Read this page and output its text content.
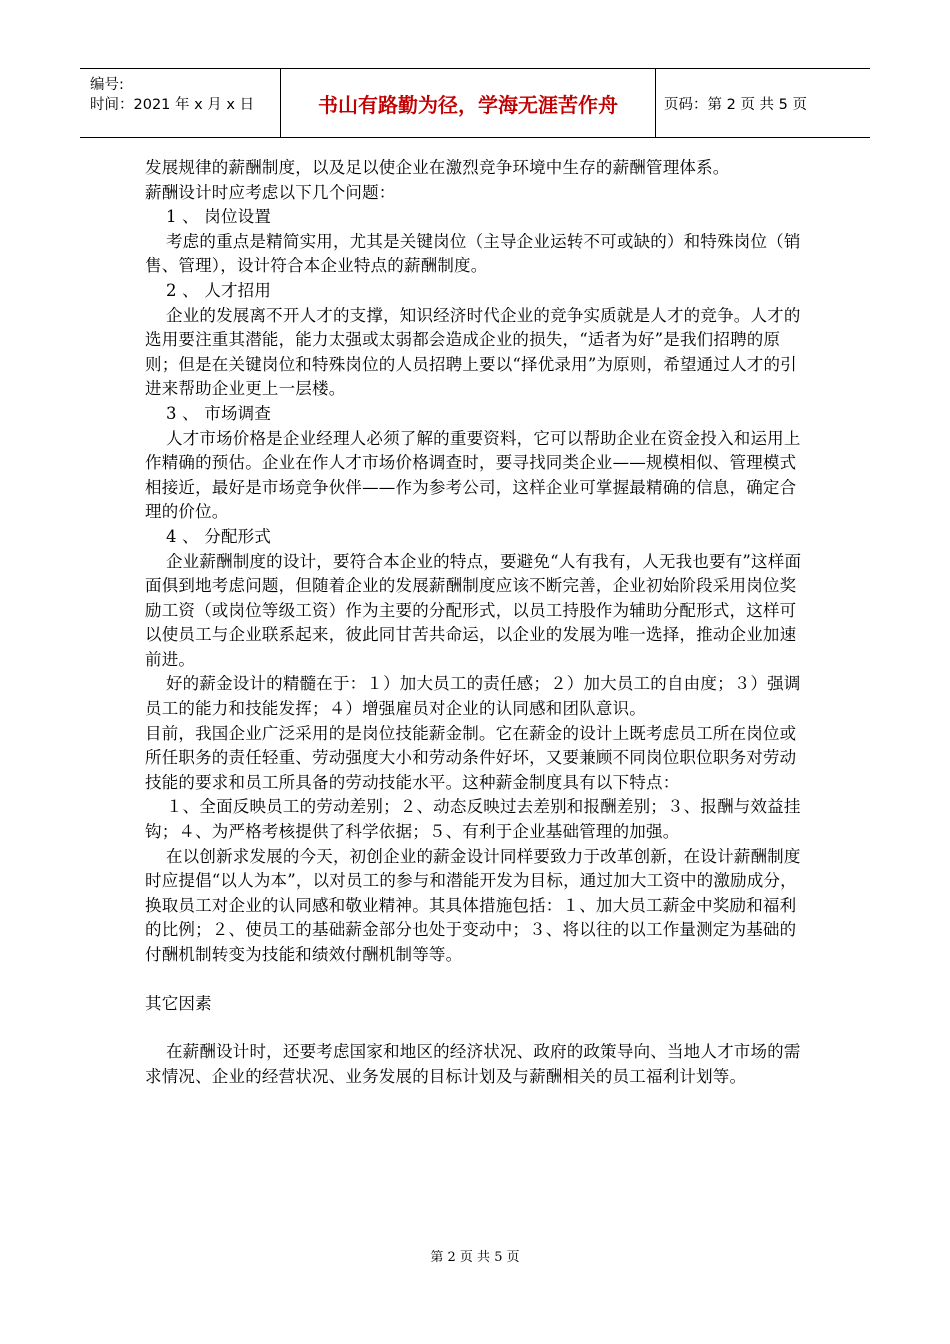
编号:
时间：2021 年 x 月 x 日	书山有路勤为径，学海无涯苦作舟	页码：第 2 页 共 5 页

发展规律的薪酬制度，以及足以使企业在激烈竞争环境中生存的薪酬管理体系。

薪酬设计时应考虑以下几个问题：

1 、 岗位设置

考虑的重点是精简实用，尤其是关键岗位（主导企业运转不可或缺的）和特殊岗位（销售、管理），设计符合本企业特点的薪酬制度。

2 、 人才招用

企业的发展离不开人才的支撑，知识经济时代企业的竞争实质就是人才的竞争。人才的选用要注重其潜能，能力太强或太弱都会造成企业的损失，“适者为好”是我们招聘的原则；但是在关键岗位和特殊岗位的人员招聘上要以“择优录用”为原则，希望通过人才的引进来帮助企业更上一层楼。

3 、 市场调查

人才市场价格是企业经理人必须了解的重要资料，它可以帮助企业在资金投入和运用上作精确的预估。企业在作人才市场价格调查时，要寻找同类企业——规模相似、管理模式相接近，最好是市场竞争伙伴——作为参考公司，这样企业可掌握最精确的信息，确定合理的价位。

4 、 分配形式

企业薪酬制度的设计，要符合本企业的特点，要避免“人有我有，人无我也要有”这样面面俱到地考虑问题，但随着企业的发展薪酬制度应该不断完善，企业初始阶段采用岗位奖励工资（或岗位等级工资）作为主要的分配形式，以员工持股作为辅助分配形式，这样可以使员工与企业联系起来，彼此同甘苦共命运，以企业的发展为唯一选择，推动企业加速前进。

好的薪金设计的精髓在于：１）加大员工的责任感；２）加大员工的自由度；３）强调员工的能力和技能发挥；４）增强雇员对企业的认同感和团队意识。

目前，我国企业广泛采用的是岗位技能薪金制。它在薪金的设计上既考虑员工所在岗位或所任职务的责任轻重、劳动强度大小和劳动条件好坏，又要兼顾不同岗位职位职务对劳动技能的要求和员工所具备的劳动技能水平。这种薪金制度具有以下特点：

１、全面反映员工的劳动差别；２、动态反映过去差别和报酬差别；３、报酬与效益挂钩；４、为严格考核提供了科学依据；５、有利于企业基础管理的加强。

在以创新求发展的今天，初创企业的薪金设计同样要致力于改革创新，在设计薪酬制度时应提倡“以人为本”，以对员工的参与和潜能开发为目标，通过加大工资中的激励成分，换取员工对企业的认同感和敬业精神。其具体措施包括：１、加大员工薪金中奖励和福利的比例；２、使员工的基础薪金部分也处于变动中；３、将以往的以工作量测定为基础的付酬机制转变为技能和绩效付酬机制等等。

其它因素

在薪酬设计时，还要考虑国家和地区的经济状况、政府的政策导向、当地人才市场的需求情况、企业的经营状况、业务发展的目标计划及与薪酬相关的员工福利计划等。

第 2 页 共 5 页
